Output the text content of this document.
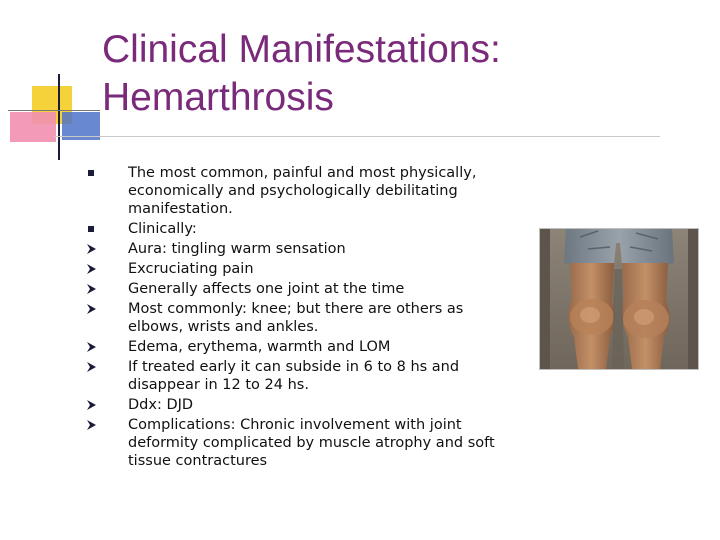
Clinical Manifestations:
Hemarthrosis
The most common, painful and most physically, economically and psychologically debilitating manifestation.
Clinically:
Aura: tingling warm sensation
Excruciating pain
Generally affects one joint at the time
Most commonly: knee; but there are others as elbows, wrists and ankles.
Edema, erythema, warmth and LOM
If treated early it can subside in 6 to 8 hs and disappear in 12 to 24 hs.
Ddx: DJD
Complications: Chronic involvement with joint deformity complicated by muscle atrophy and soft tissue contractures
